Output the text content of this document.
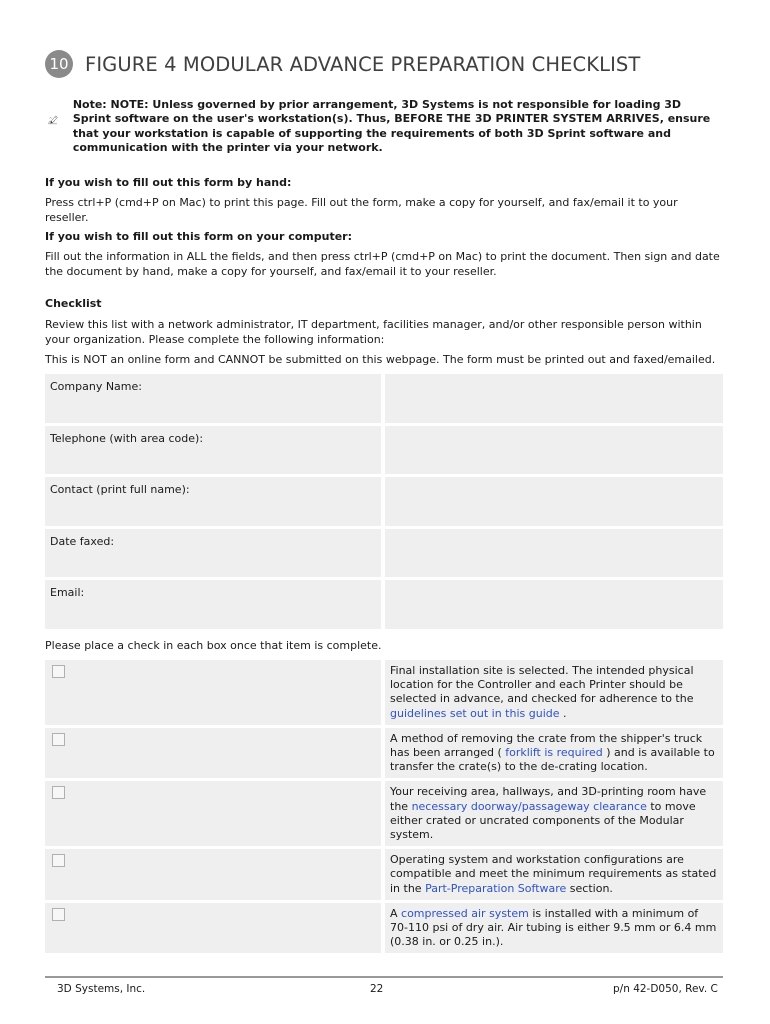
10 FIGURE 4 MODULAR ADVANCE PREPARATION CHECKLIST
Note: NOTE: Unless governed by prior arrangement, 3D Systems is not responsible for loading 3D Sprint software on the user's workstation(s). Thus, BEFORE THE 3D PRINTER SYSTEM ARRIVES, ensure that your workstation is capable of supporting the requirements of both 3D Sprint software and communication with the printer via your network.
If you wish to fill out this form by hand:
Press ctrl+P (cmd+P on Mac) to print this page. Fill out the form, make a copy for yourself, and fax/email it to your reseller.
If you wish to fill out this form on your computer:
Fill out the information in ALL the fields, and then press ctrl+P (cmd+P on Mac) to print the document. Then sign and date the document by hand, make a copy for yourself, and fax/email it to your reseller.
Checklist
Review this list with a network administrator, IT department, facilities manager, and/or other responsible person within your organization. Please complete the following information:
This is NOT an online form and CANNOT be submitted on this webpage. The form must be printed out and faxed/emailed.
Company Name:
Telephone (with area code):
Contact (print full name):
Date faxed:
Email:
Please place a check in each box once that item is complete.
Final installation site is selected. The intended physical location for the Controller and each Printer should be selected in advance, and checked for adherence to the guidelines set out in this guide .
A method of removing the crate from the shipper's truck has been arranged ( forklift is required ) and is available to transfer the crate(s) to the de-crating location.
Your receiving area, hallways, and 3D-printing room have the necessary doorway/passageway clearance to move either crated or uncrated components of the Modular system.
Operating system and workstation configurations are compatible and meet the minimum requirements as stated in the Part-Preparation Software section.
A compressed air system is installed with a minimum of 70-110 psi of dry air. Air tubing is either 9.5 mm or 6.4 mm (0.38 in. or 0.25 in.).
3D Systems, Inc.	22	p/n 42-D050, Rev. C
